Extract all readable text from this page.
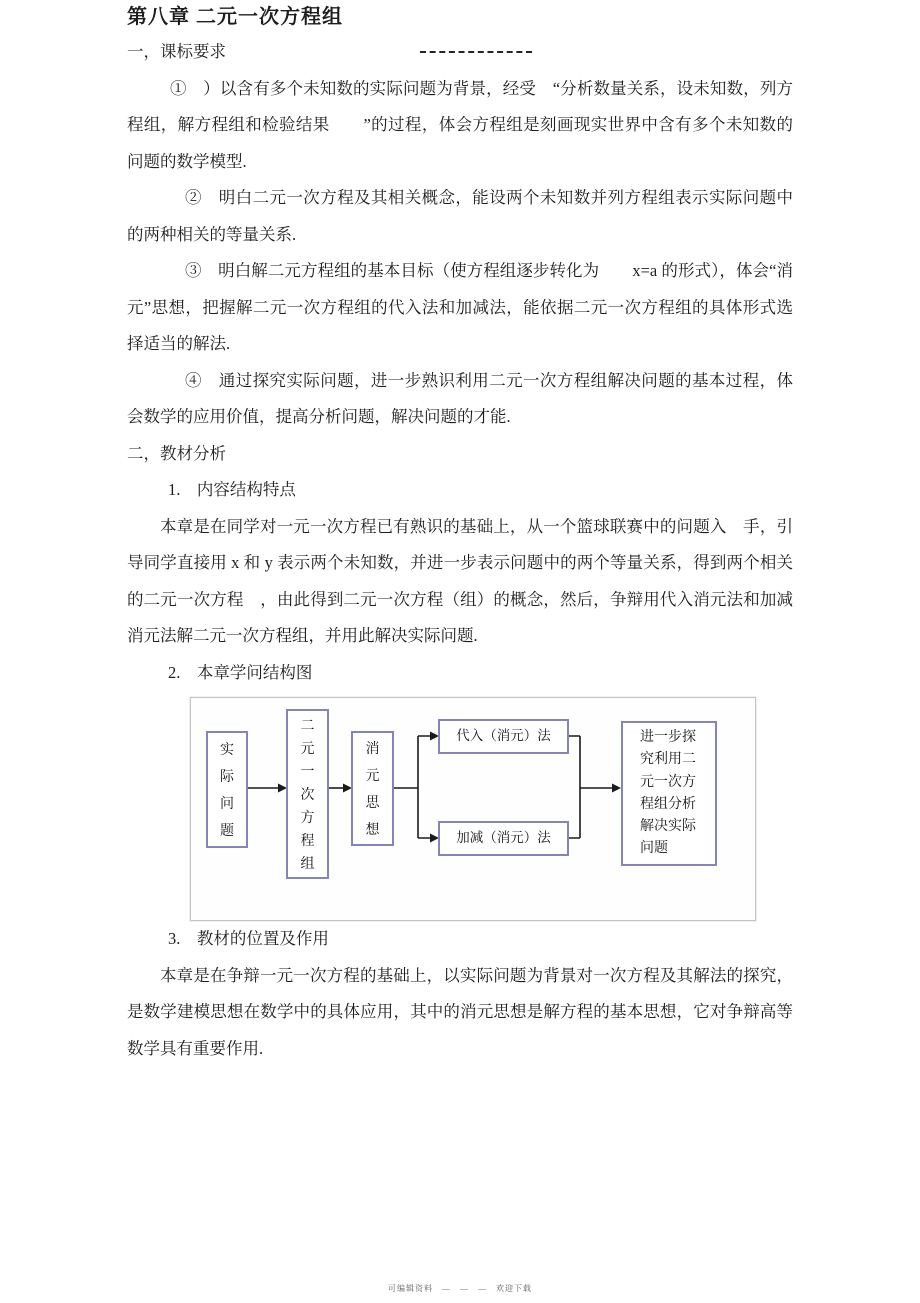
第八章 二元一次方程组

一，课标要求

①　）以含有多个未知数的实际问题为背景，经受　“分析数量关系，设未知数，列方程组，解方程组和检验结果　　”的过程，体会方程组是刻画现实世界中含有多个未知数的问题的数学模型.

②　明白二元一次方程及其相关概念，能设两个未知数并列方程组表示实际问题中的两种相关的等量关系.

③　明白解二元方程组的基本目标（使方程组逐步转化为　　x=a 的形式），体会“消元”思想，把握解二元一次方程组的代入法和加减法，能依据二元一次方程组的具体形式选择适当的解法.

④　通过探究实际问题，进一步熟识利用二元一次方程组解决问题的基本过程，体会数学的应用价值，提高分析问题，解决问题的才能.

二，教材分析

1.　内容结构特点

本章是在同学对一元一次方程已有熟识的基础上，从一个篮球联赛中的问题入　手，引导同学直接用 x 和 y 表示两个未知数，并进一步表示问题中的两个等量关系，得到两个相关的二元一次方程　，由此得到二元一次方程（组）的概念，然后，争辩用代入消元法和加减消元法解二元一次方程组，并用此解决实际问题.

2.　本章学问结构图

实际问题
二元一次方程组
消元思想
代入（消元）法
加减（消元）法
进一步探究利用二元一次方程组分析解决实际问题

3.　教材的位置及作用

本章是在争辩一元一次方程的基础上，以实际问题为背景对一次方程及其解法的探究，是数学建模思想在数学中的具体应用，其中的消元思想是解方程的基本思想，它对争辩高等数学具有重要作用.

可编辑资料　—　—　—　欢迎下载
